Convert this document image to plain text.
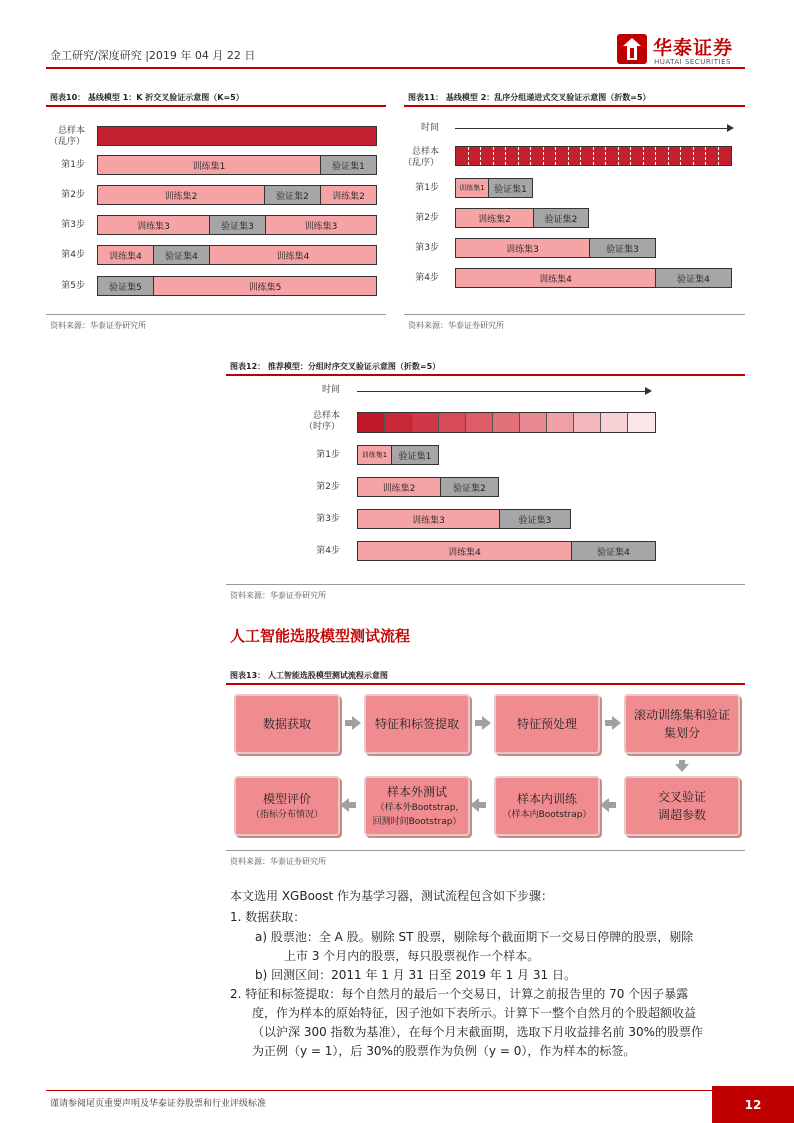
金工研究/深度研究 |2019 年 04 月 22 日	华泰证券
HUATAI SECURITIES
图表10： 基线模型 1：K 折交叉验证示意图（K=5）
总样本
（乱序）
第1步	训练集1	验证集1
第2步	训练集2	验证集2	训练集2
第3步	训练集3	验证集3	训练集3
第4步	训练集4	验证集4	训练集4
第5步	验证集5	训练集5
资料来源：华泰证券研究所
图表11： 基线模型 2：乱序分组递进式交叉验证示意图（折数=5）
时间
总样本
（乱序）
第1步	训练集1	验证集1
第2步	训练集2	验证集2
第3步	训练集3	验证集3
第4步	训练集4	验证集4
资料来源：华泰证券研究所
图表12： 推荐模型：分组时序交叉验证示意图（折数=5）
时间
总样本
（时序）
第1步	训练集1	验证集1
第2步	训练集2	验证集2
第3步	训练集3	验证集3
第4步	训练集4	验证集4
资料来源：华泰证券研究所
人工智能选股模型测试流程
图表13： 人工智能选股模型测试流程示意图
数据获取	特征和标签提取	特征预处理
滚动训练集和验证集划分
交叉验证
调超参数
样本内训练
（样本内Bootstrap）
样本外测试
（样本外Bootstrap,
回测时间Bootstrap）
模型评价
（指标分布情况）
资料来源：华泰证券研究所
本文选用 XGBoost 作为基学习器，测试流程包含如下步骤：
1. 数据获取：
a) 股票池：全 A 股。剔除 ST 股票，剔除每个截面期下一交易日停牌的股票，剔除
上市 3 个月内的股票，每只股票视作一个样本。
b) 回测区间：2011 年 1 月 31 日至 2019 年 1 月 31 日。
2. 特征和标签提取：每个自然月的最后一个交易日，计算之前报告里的 70 个因子暴露
度，作为样本的原始特征，因子池如下表所示。计算下一整个自然月的个股超额收益
（以沪深 300 指数为基准），在每个月末截面期，选取下月收益排名前 30%的股票作
为正例（y = 1），后 30%的股票作为负例（y = 0），作为样本的标签。
谨请参阅尾页重要声明及华泰证券股票和行业评级标准	12
